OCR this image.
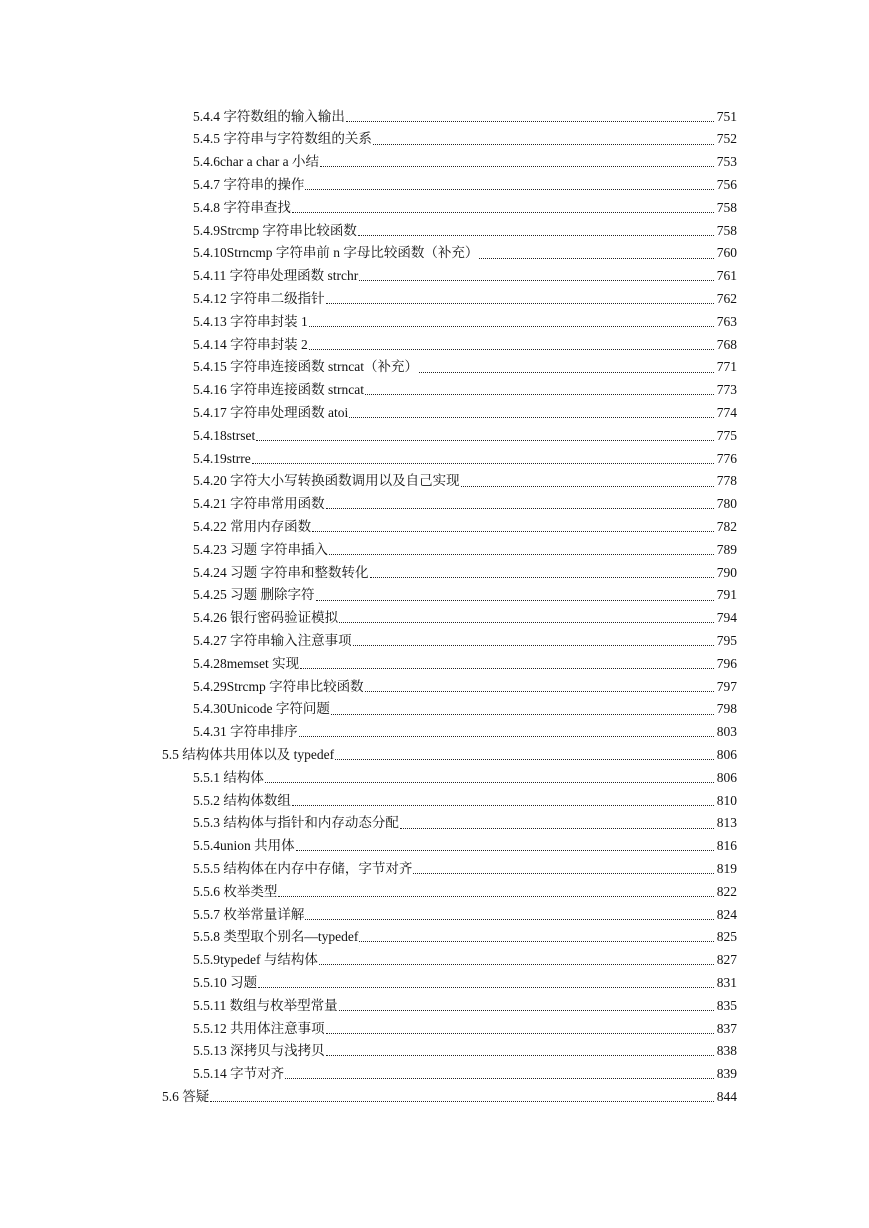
5.4.4 字符数组的输入输出	751
5.4.5 字符串与字符数组的关系	752
5.4.6char a char a 小结	753
5.4.7 字符串的操作	756
5.4.8 字符串查找	758
5.4.9Strcmp 字符串比较函数	758
5.4.10Strncmp 字符串前 n 字母比较函数（补充）	760
5.4.11 字符串处理函数 strchr	761
5.4.12 字符串二级指针	762
5.4.13 字符串封装 1	763
5.4.14 字符串封装 2	768
5.4.15 字符串连接函数 strncat（补充）	771
5.4.16 字符串连接函数 strncat	773
5.4.17 字符串处理函数 atoi	774
5.4.18strset	775
5.4.19strre	776
5.4.20 字符大小写转换函数调用以及自己实现	778
5.4.21 字符串常用函数	780
5.4.22 常用内存函数	782
5.4.23 习题 字符串插入	789
5.4.24 习题 字符串和整数转化	790
5.4.25 习题 删除字符	791
5.4.26 银行密码验证模拟	794
5.4.27 字符串输入注意事项	795
5.4.28memset 实现	796
5.4.29Strcmp 字符串比较函数	797
5.4.30Unicode 字符问题	798
5.4.31 字符串排序	803
5.5 结构体共用体以及 typedef	806
5.5.1 结构体	806
5.5.2 结构体数组	810
5.5.3 结构体与指针和内存动态分配	813
5.5.4union 共用体	816
5.5.5 结构体在内存中存储，字节对齐	819
5.5.6 枚举类型	822
5.5.7 枚举常量详解	824
5.5.8 类型取个别名—typedef	825
5.5.9typedef 与结构体	827
5.5.10 习题	831
5.5.11 数组与枚举型常量	835
5.5.12 共用体注意事项	837
5.5.13 深拷贝与浅拷贝	838
5.5.14 字节对齐	839
5.6 答疑	844
